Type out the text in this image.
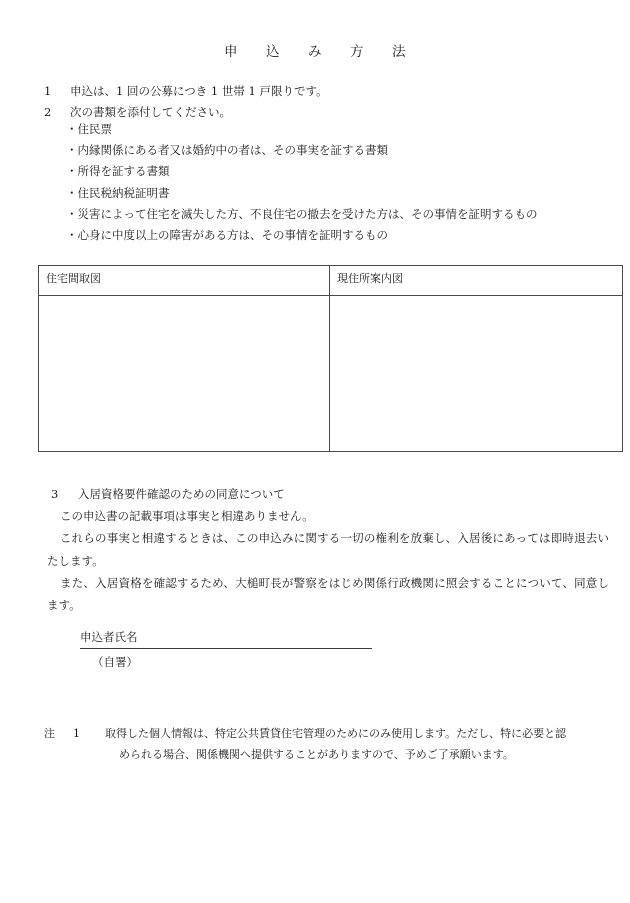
申　　込　　み　　方　　法
1	申込は、1 回の公募につき 1 世帯 1 戸限りです。
2	次の書類を添付してください。
・住民票
・内縁関係にある者又は婚約中の者は、その事実を証する書類
・所得を証する書類
・住民税納税証明書
・災害によって住宅を滅失した方、不良住宅の撤去を受けた方は、その事情を証明するもの
・心身に中度以上の障害がある方は、その事情を証明するもの
住宅間取図	現住所案内図

3	入居資格要件確認のための同意について
この申込書の記載事項は事実と相違ありません。
これらの事実と相違するときは、この申込みに関する一切の権利を放棄し、入居後にあっては即時退去いたします。
また、入居資格を確認するため、大槌町長が警察をはじめ関係行政機関に照会することについて、同意します。
申込者氏名
（自署）
注	1	取得した個人情報は、特定公共賃貸住宅管理のためにのみ使用します。ただし、特に必要と認
められる場合、関係機関へ提供することがありますので、予めご了承願います。
